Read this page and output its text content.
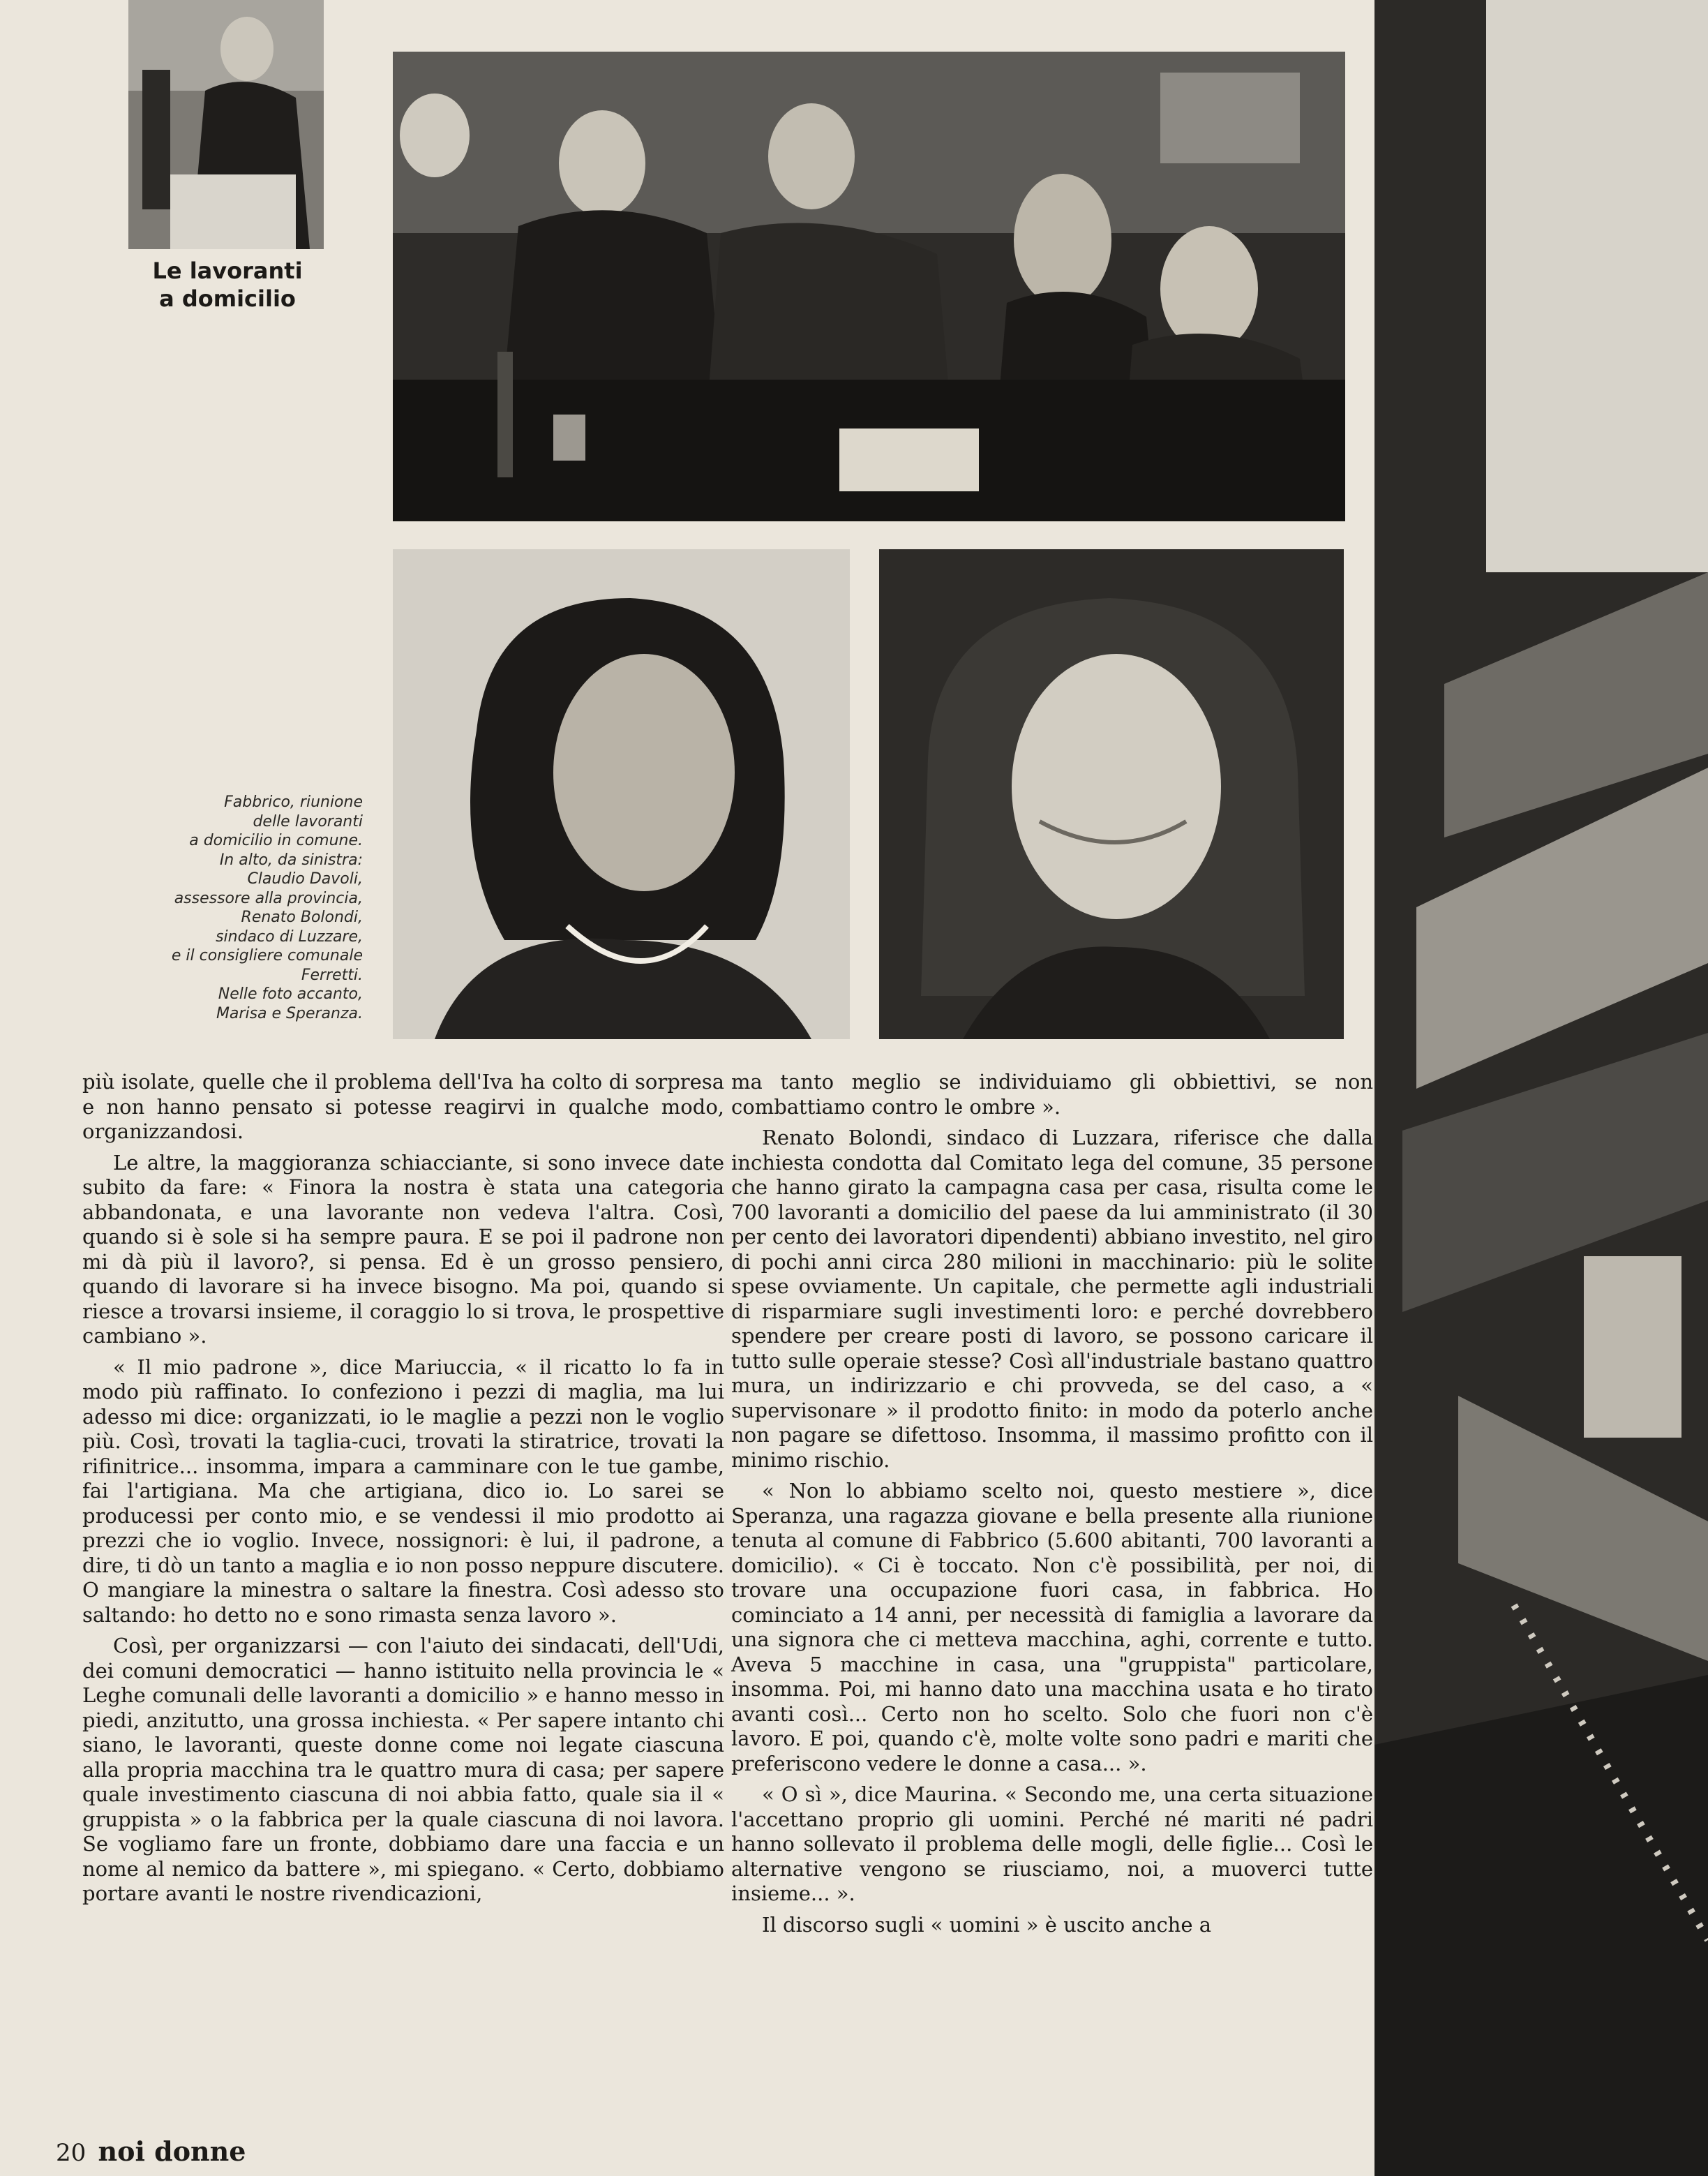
Le lavoranti
a domicilio
Fabbrico, riunione
delle lavoranti
a domicilio in comune.
In alto, da sinistra:
Claudio Davoli,
assessore alla provincia,
Renato Bolondi,
sindaco di Luzzare,
e il consigliere comunale
Ferretti.
Nelle foto accanto,
Marisa e Speranza.

più isolate, quelle che il problema dell'Iva ha colto di sorpresa e non hanno pensato si potesse reagirvi in qualche modo, organizzandosi.

Le altre, la maggioranza schiacciante, si sono invece date subito da fare: « Finora la nostra è stata una categoria abbandonata, e una lavorante non vedeva l'altra. Così, quando si è sole si ha sempre paura. E se poi il padrone non mi dà più il lavoro?, si pensa. Ed è un grosso pensiero, quando di lavorare si ha invece bisogno. Ma poi, quando si riesce a trovarsi insieme, il coraggio lo si trova, le prospettive cambiano ».

« Il mio padrone », dice Mariuccia, « il ricatto lo fa in modo più raffinato. Io confeziono i pezzi di maglia, ma lui adesso mi dice: organizzati, io le maglie a pezzi non le voglio più. Così, trovati la taglia-cuci, trovati la stiratrice, trovati la rifinitrice... insomma, impara a camminare con le tue gambe, fai l'artigiana. Ma che artigiana, dico io. Lo sarei se producessi per conto mio, e se vendessi il mio prodotto ai prezzi che io voglio. Invece, nossignori: è lui, il padrone, a dire, ti dò un tanto a maglia e io non posso neppure discutere. O mangiare la minestra o saltare la finestra. Così adesso sto saltando: ho detto no e sono rimasta senza lavoro ».

Così, per organizzarsi — con l'aiuto dei sindacati, dell'Udi, dei comuni democratici — hanno istituito nella provincia le « Leghe comunali delle lavoranti a domicilio » e hanno messo in piedi, anzitutto, una grossa inchiesta. « Per sapere intanto chi siano, le lavoranti, queste donne come noi legate ciascuna alla propria macchina tra le quattro mura di casa; per sapere quale investimento ciascuna di noi abbia fatto, quale sia il « gruppista » o la fabbrica per la quale ciascuna di noi lavora. Se vogliamo fare un fronte, dobbiamo dare una faccia e un nome al nemico da battere », mi spiegano. « Certo, dobbiamo portare avanti le nostre rivendicazioni,

ma tanto meglio se individuiamo gli obbiettivi, se non combattiamo contro le ombre ».

Renato Bolondi, sindaco di Luzzara, riferisce che dalla inchiesta condotta dal Comitato lega del comune, 35 persone che hanno girato la campagna casa per casa, risulta come le 700 lavoranti a domicilio del paese da lui amministrato (il 30 per cento dei lavoratori dipendenti) abbiano investito, nel giro di pochi anni circa 280 milioni in macchinario: più le solite spese ovviamente. Un capitale, che permette agli industriali di risparmiare sugli investimenti loro: e perché dovrebbero spendere per creare posti di lavoro, se possono caricare il tutto sulle operaie stesse? Così all'industriale bastano quattro mura, un indirizzario e chi provveda, se del caso, a « supervisonare » il prodotto finito: in modo da poterlo anche non pagare se difettoso. Insomma, il massimo profitto con il minimo rischio.

« Non lo abbiamo scelto noi, questo mestiere », dice Speranza, una ragazza giovane e bella presente alla riunione tenuta al comune di Fabbrico (5.600 abitanti, 700 lavoranti a domicilio). « Ci è toccato. Non c'è possibilità, per noi, di trovare una occupazione fuori casa, in fabbrica. Ho cominciato a 14 anni, per necessità di famiglia a lavorare da una signora che ci metteva macchina, aghi, corrente e tutto. Aveva 5 macchine in casa, una "gruppista" particolare, insomma. Poi, mi hanno dato una macchina usata e ho tirato avanti così... Certo non ho scelto. Solo che fuori non c'è lavoro. E poi, quando c'è, molte volte sono padri e mariti che preferiscono vedere le donne a casa... ».

« O sì », dice Maurina. « Secondo me, una certa situazione l'accettano proprio gli uomini. Perché né mariti né padri hanno sollevato il problema delle mogli, delle figlie... Così le alternative vengono se riusciamo, noi, a muoverci tutte insieme... ».

Il discorso sugli « uomini » è uscito anche a

20 noi donne
